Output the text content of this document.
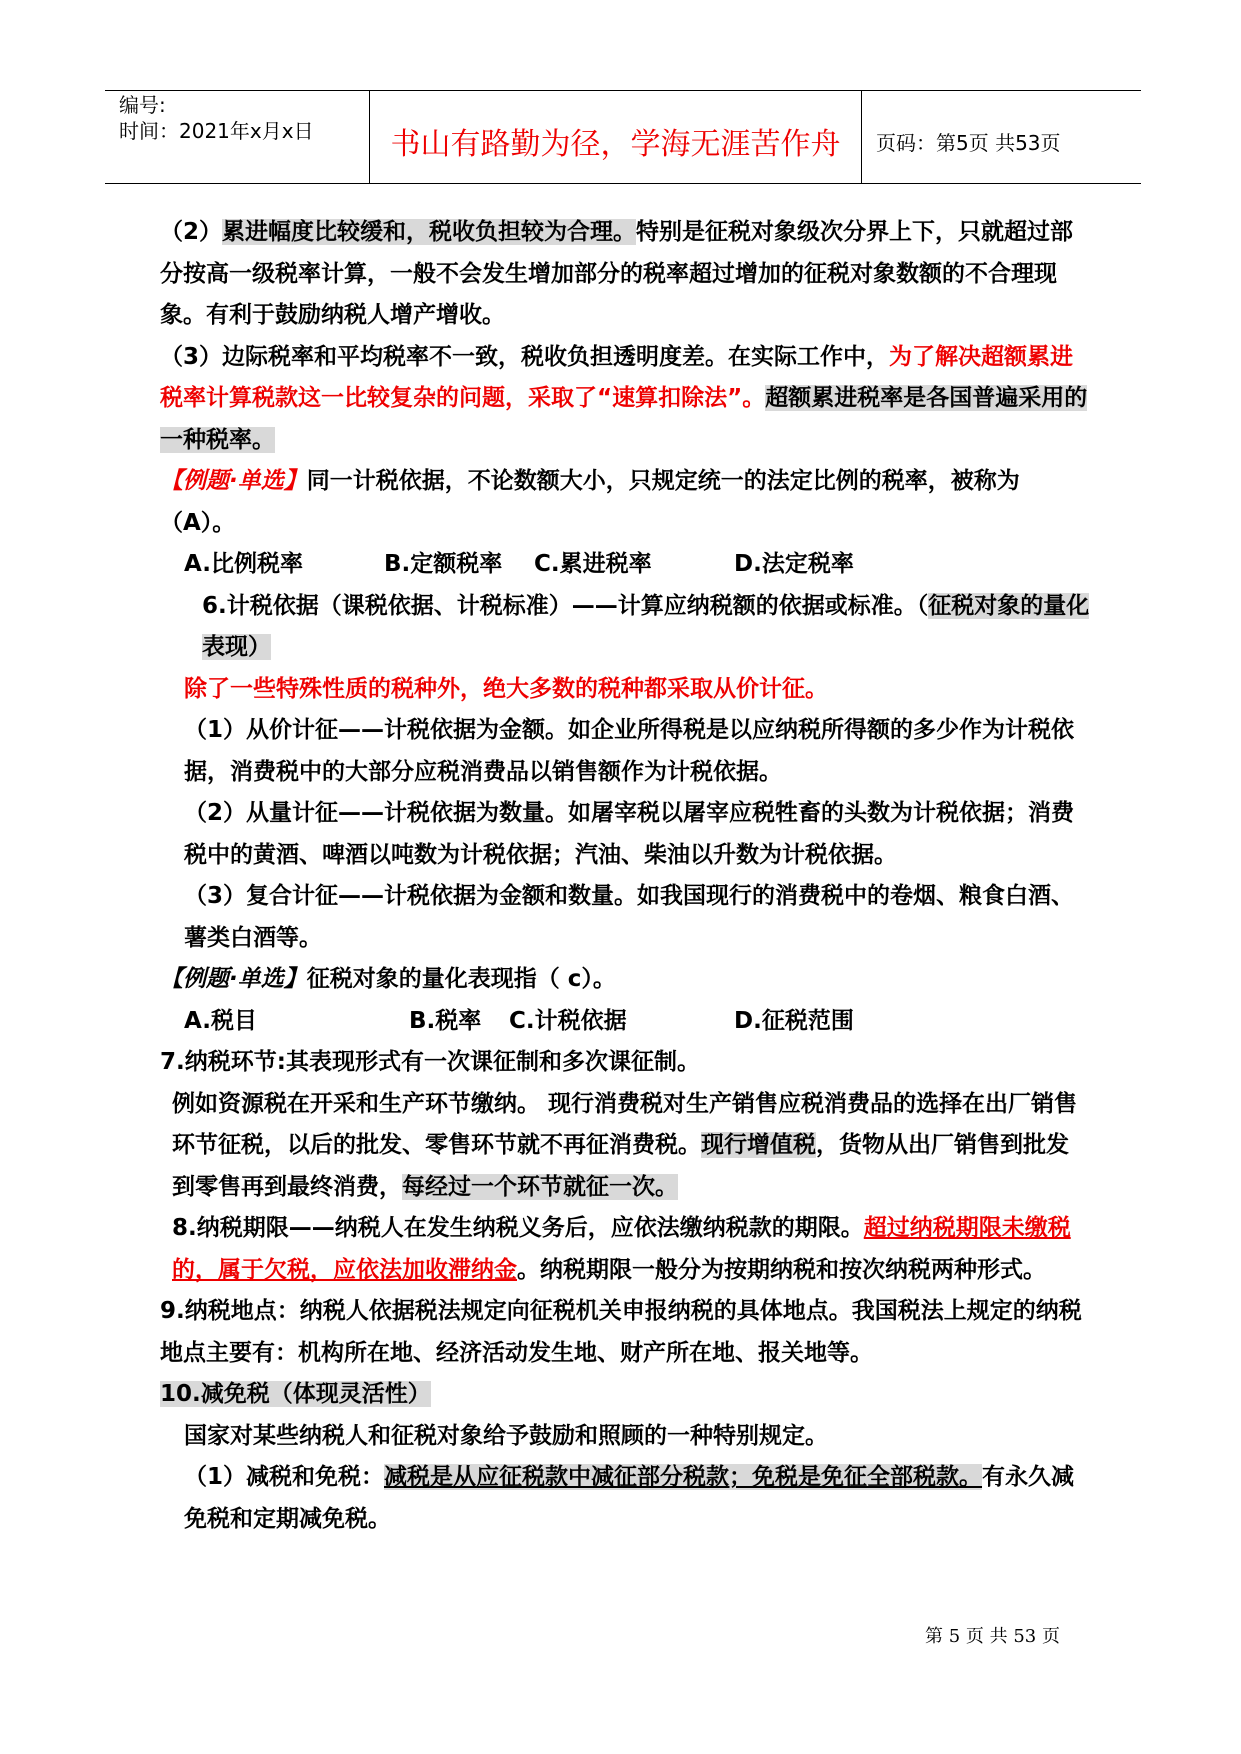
编号:
时间：2021年x月x日	书山有路勤为径，学海无涯苦作舟	页码：第5页 共53页

（2）累进幅度比较缓和，税收负担较为合理。特别是征税对象级次分界上下，只就超过部分按高一级税率计算，一般不会发生增加部分的税率超过增加的征税对象数额的不合理现象。有利于鼓励纳税人增产增收。

（3）边际税率和平均税率不一致，税收负担透明度差。在实际工作中，为了解决超额累进税率计算税款这一比较复杂的问题，采取了“速算扣除法”。超额累进税率是各国普遍采用的一种税率。

【例题·单选】同一计税依据，不论数额大小，只规定统一的法定比例的税率，被称为（A）。

A.比例税率	B.定额税率 C.累进税率	D.法定税率

6.计税依据（课税依据、计税标准）——计算应纳税额的依据或标准。（征税对象的量化表现）

除了一些特殊性质的税种外，绝大多数的税种都采取从价计征。

（1）从价计征——计税依据为金额。如企业所得税是以应纳税所得额的多少作为计税依据，消费税中的大部分应税消费品以销售额作为计税依据。

（2）从量计征——计税依据为数量。如屠宰税以屠宰应税牲畜的头数为计税依据；消费税中的黄酒、啤酒以吨数为计税依据；汽油、柴油以升数为计税依据。

（3）复合计征——计税依据为金额和数量。如我国现行的消费税中的卷烟、粮食白酒、薯类白酒等。

【例题·单选】征税对象的量化表现指（ c）。

A.税目	B.税率 C.计税依据	D.征税范围

7.纳税环节:其表现形式有一次课征制和多次课征制。

例如资源税在开采和生产环节缴纳。 现行消费税对生产销售应税消费品的选择在出厂销售环节征税，以后的批发、零售环节就不再征消费税。现行增值税，货物从出厂销售到批发到零售再到最终消费，每经过一个环节就征一次。

8.纳税期限——纳税人在发生纳税义务后，应依法缴纳税款的期限。超过纳税期限未缴税的，属于欠税，应依法加收滞纳金。纳税期限一般分为按期纳税和按次纳税两种形式。

9.纳税地点：纳税人依据税法规定向征税机关申报纳税的具体地点。我国税法上规定的纳税地点主要有：机构所在地、经济活动发生地、财产所在地、报关地等。

10.减免税（体现灵活性）

国家对某些纳税人和征税对象给予鼓励和照顾的一种特别规定。

（1）减税和免税：减税是从应征税款中减征部分税款；免税是免征全部税款。有永久减免税和定期减免税。

第 5 页 共 53 页
